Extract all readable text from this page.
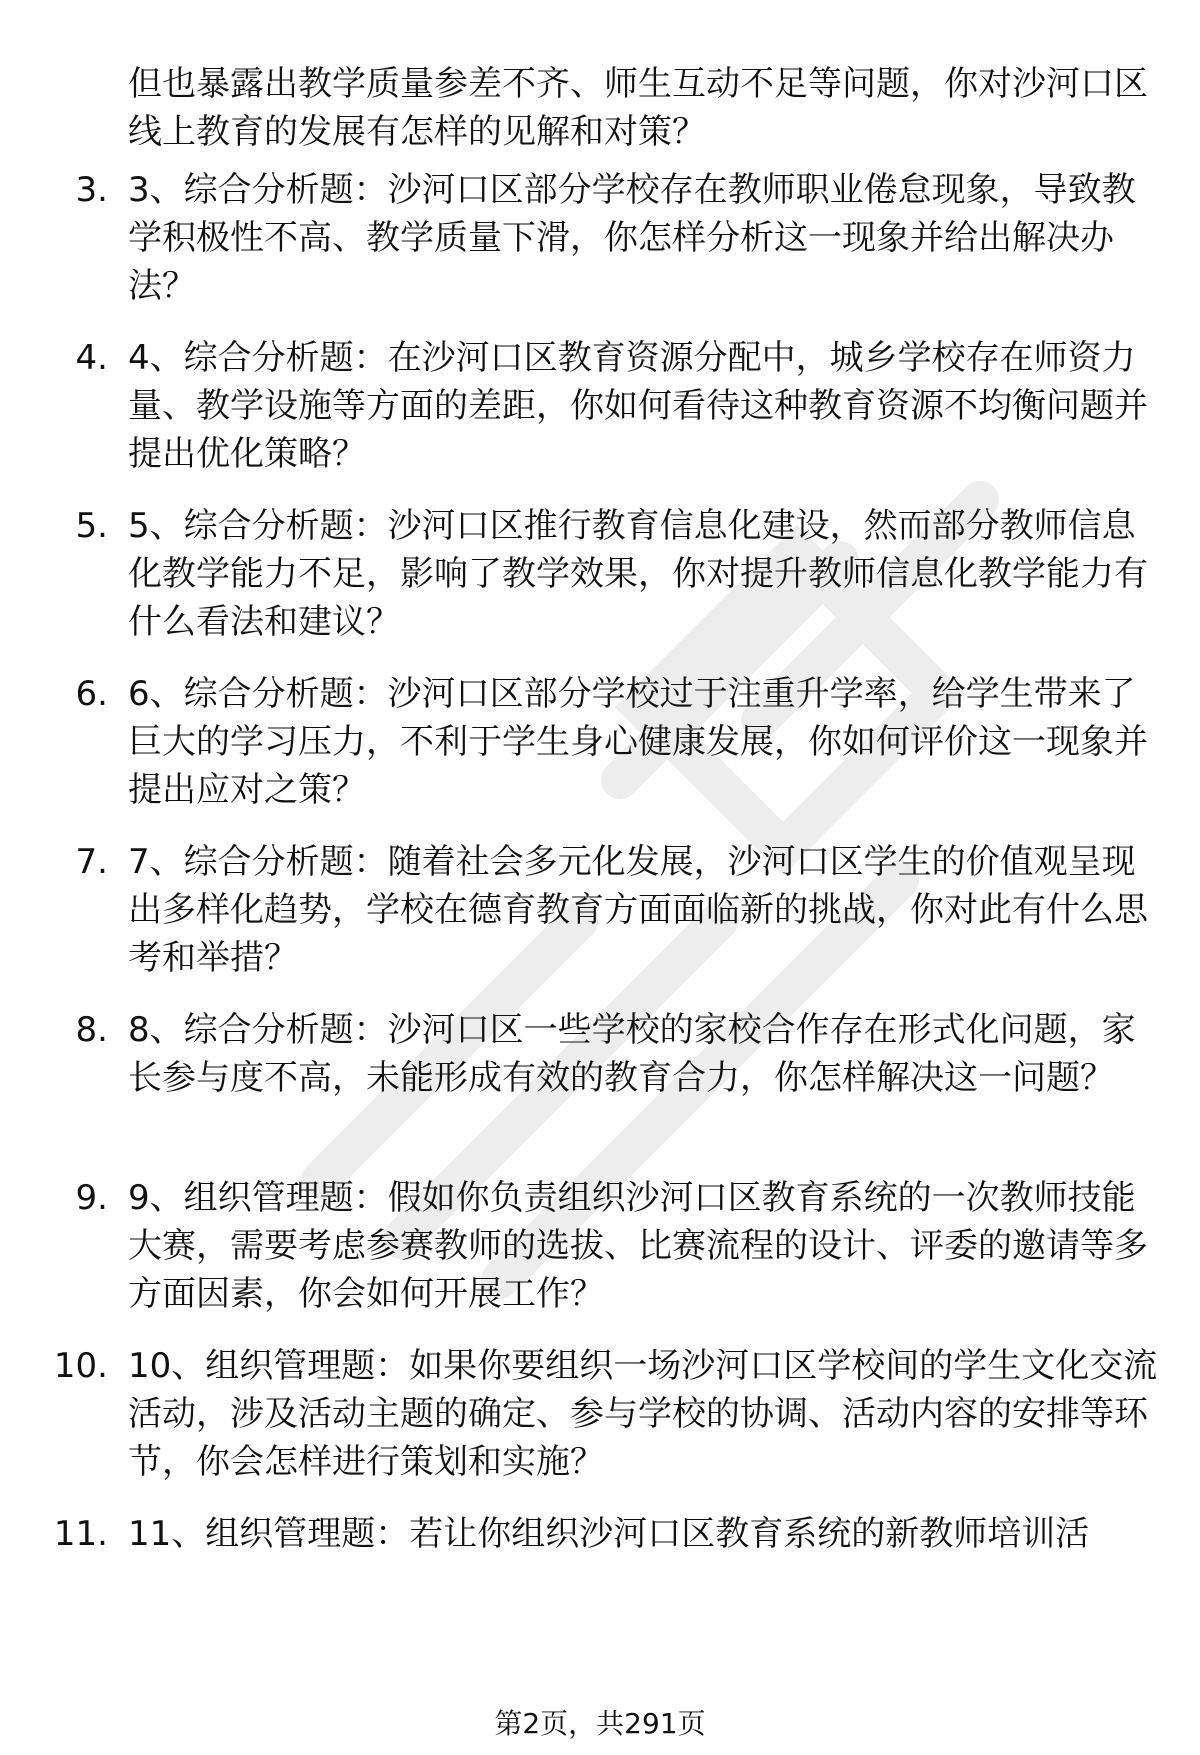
但也暴露出教学质量参差不齐、师生互动不足等问题，你对沙河口区线上教育的发展有怎样的见解和对策？

3. 3、综合分析题：沙河口区部分学校存在教师职业倦怠现象，导致教学积极性不高、教学质量下滑，你怎样分析这一现象并给出解决办法？

4. 4、综合分析题：在沙河口区教育资源分配中，城乡学校存在师资力量、教学设施等方面的差距，你如何看待这种教育资源不均衡问题并提出优化策略？

5. 5、综合分析题：沙河口区推行教育信息化建设，然而部分教师信息化教学能力不足，影响了教学效果，你对提升教师信息化教学能力有什么看法和建议？

6. 6、综合分析题：沙河口区部分学校过于注重升学率，给学生带来了巨大的学习压力，不利于学生身心健康发展，你如何评价这一现象并提出应对之策？

7. 7、综合分析题：随着社会多元化发展，沙河口区学生的价值观呈现出多样化趋势，学校在德育教育方面面临新的挑战，你对此有什么思考和举措？

8. 8、综合分析题：沙河口区一些学校的家校合作存在形式化问题，家长参与度不高，未能形成有效的教育合力，你怎样解决这一问题？

9. 9、组织管理题：假如你负责组织沙河口区教育系统的一次教师技能大赛，需要考虑参赛教师的选拔、比赛流程的设计、评委的邀请等多方面因素，你会如何开展工作？

10. 10、组织管理题：如果你要组织一场沙河口区学校间的学生文化交流活动，涉及活动主题的确定、参与学校的协调、活动内容的安排等环节，你会怎样进行策划和实施？

11. 11、组织管理题：若让你组织沙河口区教育系统的新教师培训活

第2页，共291页
